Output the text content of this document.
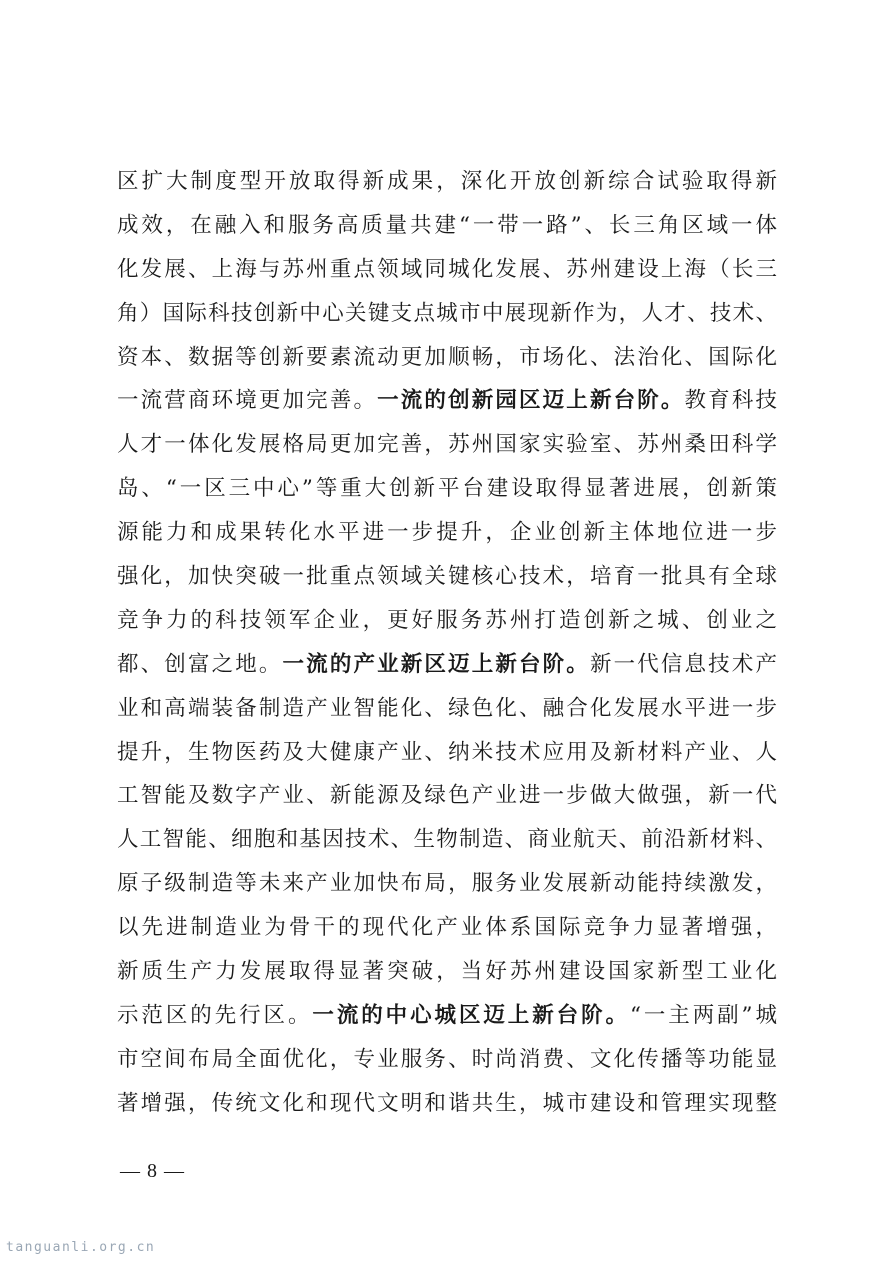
区扩大制度型开放取得新成果，深化开放创新综合试验取得新
成效，在融入和服务高质量共建“一带一路”、长三角区域一体
化发展、上海与苏州重点领域同城化发展、苏州建设上海（长三
角）国际科技创新中心关键支点城市中展现新作为，人才、技术、
资本、数据等创新要素流动更加顺畅，市场化、法治化、国际化
一流营商环境更加完善。一流的创新园区迈上新台阶。教育科技
人才一体化发展格局更加完善，苏州国家实验室、苏州桑田科学
岛、“一区三中心”等重大创新平台建设取得显著进展，创新策
源能力和成果转化水平进一步提升，企业创新主体地位进一步
强化，加快突破一批重点领域关键核心技术，培育一批具有全球
竞争力的科技领军企业，更好服务苏州打造创新之城、创业之
都、创富之地。一流的产业新区迈上新台阶。新一代信息技术产
业和高端装备制造产业智能化、绿色化、融合化发展水平进一步
提升，生物医药及大健康产业、纳米技术应用及新材料产业、人
工智能及数字产业、新能源及绿色产业进一步做大做强，新一代
人工智能、细胞和基因技术、生物制造、商业航天、前沿新材料、
原子级制造等未来产业加快布局，服务业发展新动能持续激发，
以先进制造业为骨干的现代化产业体系国际竞争力显著增强，
新质生产力发展取得显著突破，当好苏州建设国家新型工业化
示范区的先行区。一流的中心城区迈上新台阶。“一主两副”城
市空间布局全面优化，专业服务、时尚消费、文化传播等功能显
著增强，传统文化和现代文明和谐共生，城市建设和管理实现整
— 8 —
tanguanli.org.cn
